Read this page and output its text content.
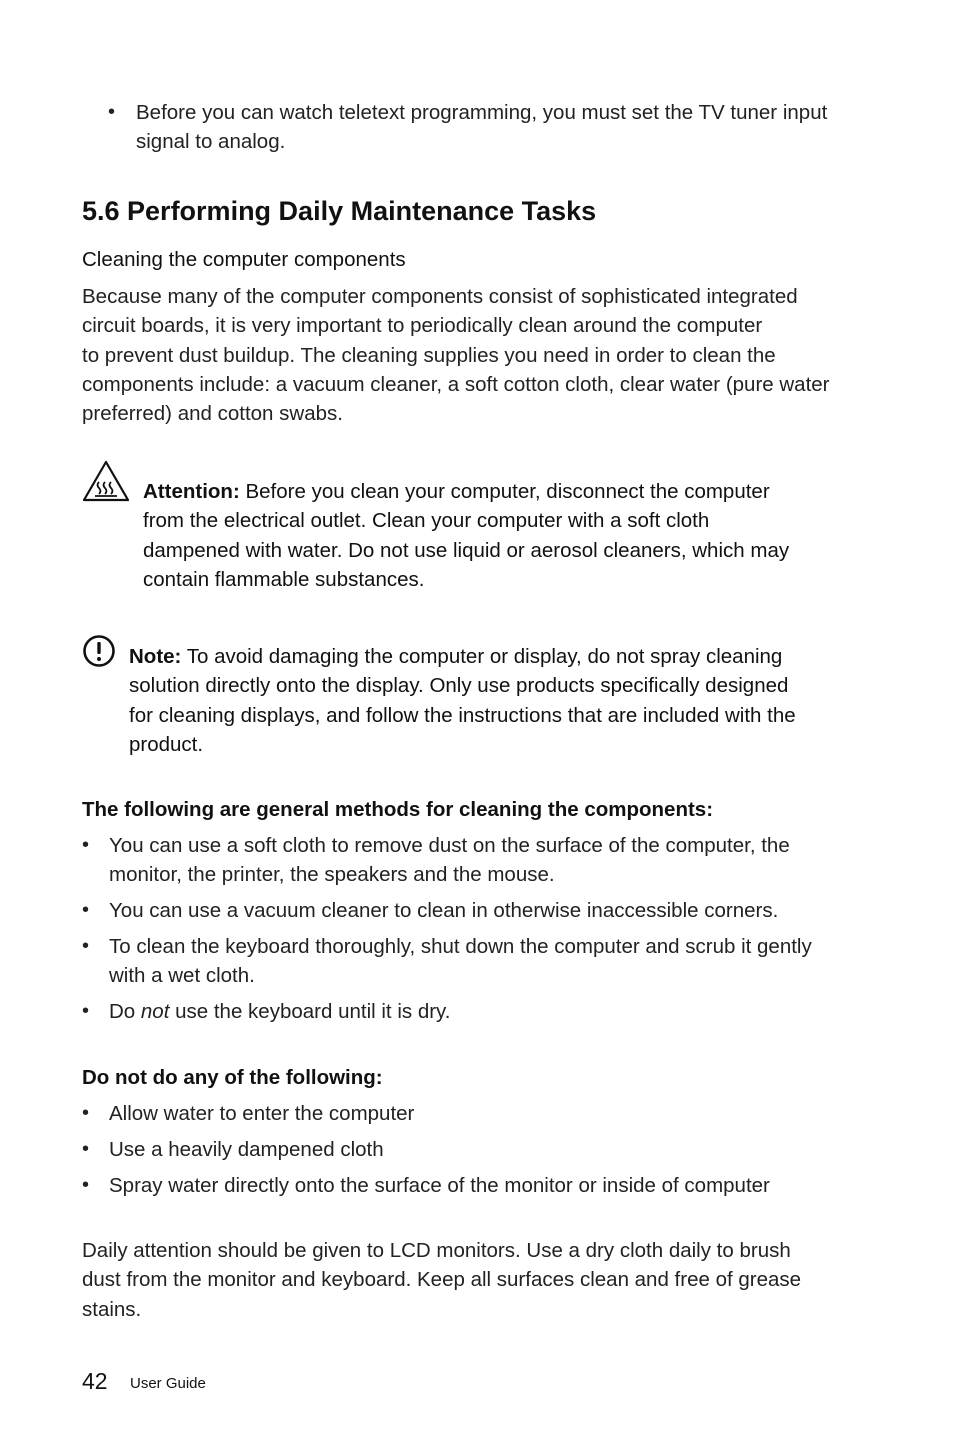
• Before you can watch teletext programming, you must set the TV tuner input signal to analog.
5.6 Performing Daily Maintenance Tasks
Cleaning the computer components
Because many of the computer components consist of sophisticated integrated
circuit boards, it is very important to periodically clean around the computer
to prevent dust buildup. The cleaning supplies you need in order to clean the
components include: a vacuum cleaner, a soft cotton cloth, clear water (pure water
preferred) and cotton swabs.
Attention: Before you clean your computer, disconnect the computer
from the electrical outlet. Clean your computer with a soft cloth
dampened with water. Do not use liquid or aerosol cleaners, which may
contain flammable substances.
Note: To avoid damaging the computer or display, do not spray cleaning
solution directly onto the display. Only use products specifically designed
for cleaning displays, and follow the instructions that are included with the
product.
The following are general methods for cleaning the components:
• You can use a soft cloth to remove dust on the surface of the computer, the
monitor, the printer, the speakers and the mouse.
• You can use a vacuum cleaner to clean in otherwise inaccessible corners.
• To clean the keyboard thoroughly, shut down the computer and scrub it gently
with a wet cloth.
• Do not use the keyboard until it is dry.
Do not do any of the following:
• Allow water to enter the computer
• Use a heavily dampened cloth
• Spray water directly onto the surface of the monitor or inside of computer
Daily attention should be given to LCD monitors. Use a dry cloth daily to brush
dust from the monitor and keyboard. Keep all surfaces clean and free of grease
stains.
42 User Guide
